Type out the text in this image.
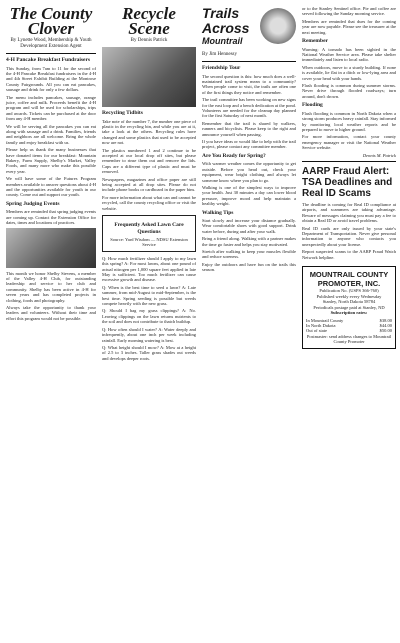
The County
Clover
By Lynette Wood, Membership & Youth Development Extension Agent
4-H Pancake Breakfast Fundraisers

This Sunday, from 7am to 11 for the second of the 4-H Pancake Breakfast fundraisers in the 4-H and 4th Street Exhibit Building at the Montrose County Fairgrounds. All you can eat pancakes, sausage and drink for only a few dollars.

The menu includes pancakes, sausage, orange juice, coffee and milk. Proceeds benefit the 4-H program and will be used for scholarships, trips and awards. Tickets can be purchased at the door from any 4-H member.

We will be serving all the pancakes you can eat along with sausage and a drink. Families, friends and neighbors are all welcome. Bring the whole family and enjoy breakfast with us.

Please help us thank the many businesses that have donated items for our breakfast: Mountain Bakery, Farm Supply, Shelby's Market, Valley Foods, and many more who make this possible every year.

We will have some of the Futures Program members available to answer questions about 4-H and the opportunities available for youth in our county. Come out and support our youth.

Spring Judging Events

Members are reminded that spring judging events are coming up. Contact the Extension Office for dates, times and locations of practices.

This month we honor Shelby Stevens, a member of the Valley 4-H Club, for outstanding leadership and service to her club and community. Shelby has been active in 4-H for seven years and has completed projects in clothing, foods and photography.

Always take the opportunity to thank your leaders and volunteers. Without their time and effort this program would not be possible.

Recycle
Scene
By Dennis Patrick
Recycling Tidbits

Take note of the number 7, the number one piece of plastic in the recycling bin, and while you are at it, take a look at the others. Recycling rules have changed and some plastics that used to be accepted now are not.

The plastics numbered 1 and 2 continue to be accepted at our local drop off sites, but please remember to rinse them out and remove the lids. Caps are a different type of plastic and must be removed.

Newspapers, magazines and office paper are still being accepted at all drop sites. Please do not include phone books or cardboard in the paper bins.

For more information about what can and cannot be recycled, call the county recycling office or visit the website.

Frequently Asked Lawn Care Questions
Source: Yard Wisdom — NDSU Extension Service

Q: How much fertilizer should I apply to my lawn this spring? A: For most lawns, about one pound of actual nitrogen per 1,000 square feet applied in late May is sufficient. Too much fertilizer can cause excessive growth and disease.

Q: When is the best time to seed a lawn? A: Late summer, from mid-August to mid-September, is the best time. Spring seeding is possible but weeds compete heavily with the new grass.

Q: Should I bag my grass clippings? A: No. Leaving clippings on the lawn returns nutrients to the soil and does not contribute to thatch buildup.

Q: How often should I water? A: Water deeply and infrequently, about one inch per week including rainfall. Early morning watering is best.

Q: What height should I mow? A: Mow at a height of 2.5 to 3 inches. Taller grass shades out weeds and develops deeper roots.

Trails
Across
Mountrail
By Jim Hennessy
Friendship Tour

The second question is this: how much does a well-maintained trail system mean to a community? When people come to visit, the trails are often one of the first things they notice and remember.

The trail committee has been working on new signs for the east loop and a bench dedication at the pond. Volunteers are needed for the cleanup day planned for the first Saturday of next month.

Remember that the trail is shared by walkers, runners and bicyclists. Please keep to the right and announce yourself when passing.

If you have ideas or would like to help with the trail project, please contact any committee member.

Are You Ready for Spring?

With warmer weather comes the opportunity to get outside. Before you head out, check your equipment, wear bright clothing and always let someone know where you plan to go.

Walking is one of the simplest ways to improve your health. Just 30 minutes a day can lower blood pressure, improve mood and help maintain a healthy weight.

Walking Tips

Start slowly and increase your distance gradually. Wear comfortable shoes with good support. Drink water before, during and after your walk.

Bring a friend along. Walking with a partner makes the time go faster and helps you stay motivated.

Stretch after walking to keep your muscles flexible and reduce soreness.

Enjoy the outdoors and have fun on the trails this season.

or to the Stanley Sentinel office. Pie and coffee are served following the Sunday morning service.

Members are reminded that dues for the coming year are now payable. Please see the treasurer at the next meeting.

Remember

Warning: A tornado has been sighted in the National Weather Service area. Please take shelter immediately and listen to local radio.

When outdoors, move to a sturdy building. If none is available, lie flat in a ditch or low-lying area and cover your head with your hands.

Flash flooding is common during summer storms. Never drive through flooded roadways; turn around, don't drown.

Flooding

Flash flooding is common in North Dakota when a strong storm produces heavy rainfall. Stay informed by monitoring local weather reports and be prepared to move to higher ground.

For more information, contact your county emergency manager or visit the National Weather Service website.

Dennis M. Patrick
AARP Fraud Alert: TSA Deadlines and Real ID Scams

The deadline is coming for Real ID compliance at airports, and scammers are taking advantage. Beware of messages claiming you must pay a fee to obtain a Real ID or avoid travel problems.

Real ID cards are only issued by your state's Department of Transportation. Never give personal information to anyone who contacts you unexpectedly about your license.

Report suspected scams to the AARP Fraud Watch Network helpline.

MOUNTRAIL COUNTY PROMOTER, INC.
Publication No. (USPS 366-760)
Published weekly every Wednesday
Stanley, North Dakota 58784
Periodicals postage paid at Stanley, ND
Subscription rates:
In Mountrail County	$38.00
In North Dakota	$44.00
Out of state	$50.00
Postmaster: send address changes to Mountrail County Promoter
